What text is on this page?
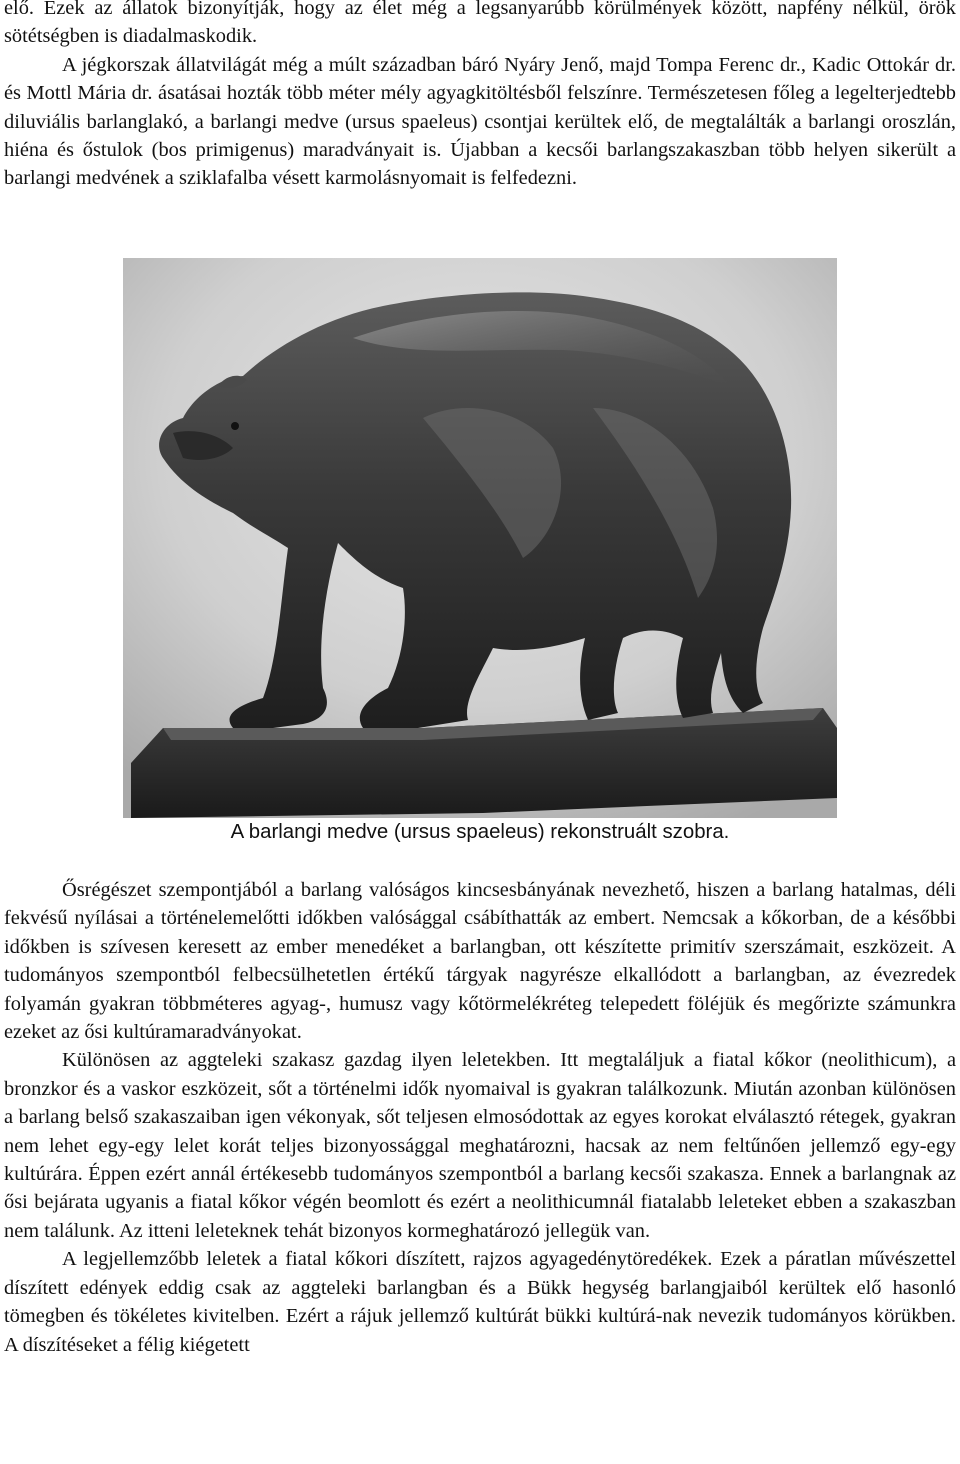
elő. Ezek az állatok bizonyítják, hogy az élet még a legsanyarúbb körülmények között, napfény nélkül, örök sötétségben is diadalmaskodik.

A jégkorszak állatvilágát még a múlt században báró Nyáry Jenő, majd Tompa Ferenc dr., Kadic Ottokár dr. és Mottl Mária dr. ásatásai hozták több méter mély agyagkitöltésből felszínre. Természetesen főleg a legelterjedtebb diluviális barlanglakó, a barlangi medve (ursus spaeleus) csontjai kerültek elő, de megtalálták a barlangi oroszlán, hiéna és őstulok (bos primigenus) maradványait is. Újabban a kecsői barlangszakaszban több helyen sikerült a barlangi medvének a sziklafalba vésett karmolásnyomait is felfedezni.

A barlangi medve (ursus spaeleus) rekonstruált szobra.

Ősrégészet szempontjából a barlang valóságos kincsesbányának nevezhető, hiszen a barlang hatalmas, déli fekvésű nyílásai a történelemelőtti időkben valósággal csábíthatták az embert. Nemcsak a kőkorban, de a későbbi időkben is szívesen keresett az ember menedéket a barlangban, ott készítette primitív szerszámait, eszközeit. A tudományos szempontból felbecsülhetetlen értékű tárgyak nagyrésze elkallódott a barlangban, az évezredek folyamán gyakran többméteres agyag-, humusz vagy kőtörmelékréteg telepedett föléjük és megőrizte számunkra ezeket az ősi kultúramaradványokat.

Különösen az aggteleki szakasz gazdag ilyen leletekben. Itt megtaláljuk a fiatal kőkor (neolithicum), a bronzkor és a vaskor eszközeit, sőt a történelmi idők nyomaival is gyakran találkozunk. Miután azonban különösen a barlang belső szakaszaiban igen vékonyak, sőt teljesen elmosódottak az egyes korokat elválasztó rétegek, gyakran nem lehet egy-egy lelet korát teljes bizonyossággal meghatározni, hacsak az nem feltűnően jellemző egy-egy kultúrára. Éppen ezért annál értékesebb tudományos szempontból a barlang kecsői szakasza. Ennek a barlangnak az ősi bejárata ugyanis a fiatal kőkor végén beomlott és ezért a neolithicumnál fiatalabb leleteket ebben a szakaszban nem találunk. Az itteni leleteknek tehát bizonyos kormeghatározó jellegük van.

A legjellemzőbb leletek a fiatal kőkori díszített, rajzos agyagedénytöredékek. Ezek a páratlan művészettel díszített edények eddig csak az aggteleki barlangban és a Bükk hegység barlangjaiból kerültek elő hasonló tömegben és tökéletes kivitelben. Ezért a rájuk jellemző kultúrát bükki kultúrá-nak nevezik tudományos körükben. A díszítéseket a félig kiégetett
